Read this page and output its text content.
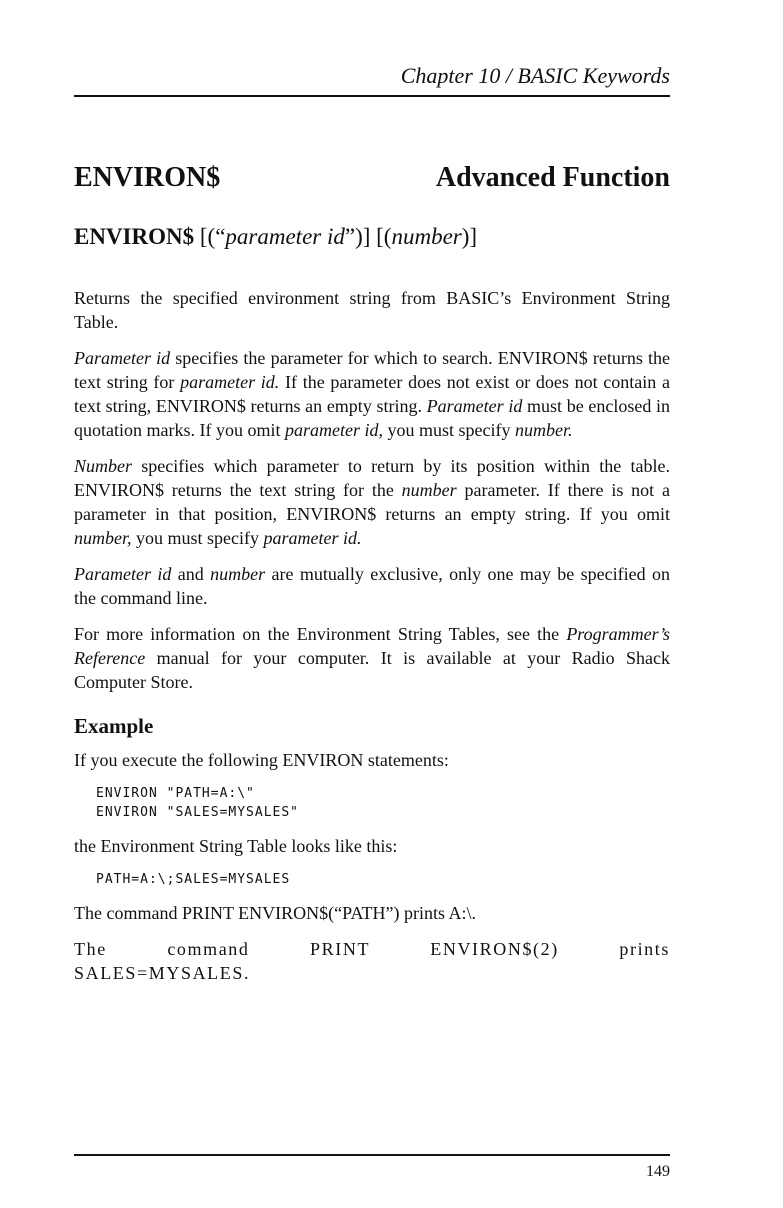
Chapter 10 / BASIC Keywords
ENVIRON$	Advanced Function
ENVIRON$ [(“parameter id”)] [(number)]

Returns the specified environment string from BASIC’s Environment String Table.

Parameter id specifies the parameter for which to search. ENVIRON$ returns the text string for parameter id. If the parameter does not exist or does not contain a text string, ENVIRON$ returns an empty string. Parameter id must be enclosed in quotation marks. If you omit parameter id, you must specify number.

Number specifies which parameter to return by its position within the table. ENVIRON$ returns the text string for the number parameter. If there is not a parameter in that position, ENVIRON$ returns an empty string. If you omit number, you must specify parameter id.

Parameter id and number are mutually exclusive, only one may be specified on the command line.

For more information on the Environment String Tables, see the Programmer’s Reference manual for your computer. It is available at your Radio Shack Computer Store.

Example

If you execute the following ENVIRON statements:

ENVIRON "PATH=A:\"
ENVIRON "SALES=MYSALES"

the Environment String Table looks like this:

PATH=A:\;SALES=MYSALES

The command PRINT ENVIRON$(“PATH”) prints A:\.

The command PRINT ENVIRON$(2) prints SALES=MYSALES.

149
